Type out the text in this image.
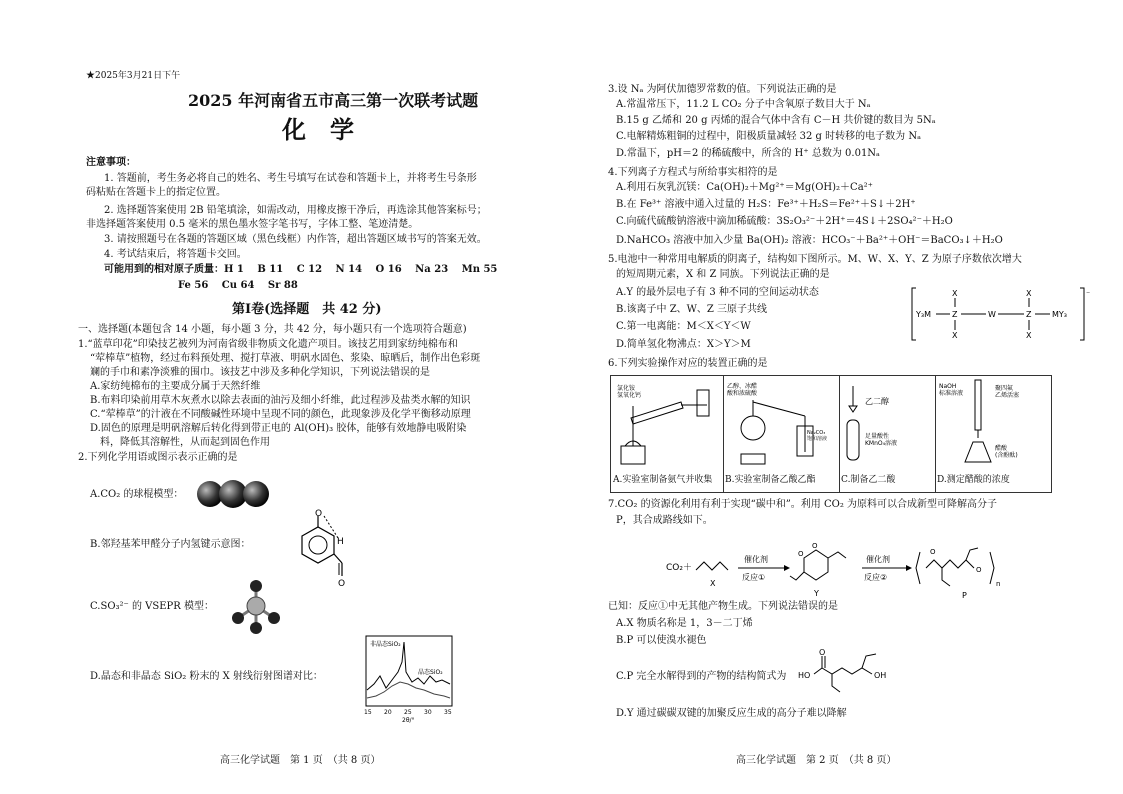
★2025年3月21日下午
2025 年河南省五市高三第一次联考试题
化　学
注意事项：
1. 答题前，考生务必将自己的姓名、考生号填写在试卷和答题卡上，并将考生号条形
码粘贴在答题卡上的指定位置。
2. 选择题答案使用 2B 铅笔填涂，如需改动，用橡皮擦干净后，再选涂其他答案标号；
非选择题答案使用 0.5 毫米的黑色墨水签字笔书写，字体工整、笔迹清楚。
3. 请按照题号在各题的答题区域（黑色线框）内作答，超出答题区域书写的答案无效。
4. 考试结束后，将答题卡交回。
可能用到的相对原子质量：H 1　 B 11　 C 12　 N 14　 O 16　 Na 23　 Mn 55
Fe 56　 Cu 64　 Sr 88
第Ⅰ卷(选择题　共 42 分)
一、选择题(本题包含 14 小题，每小题 3 分，共 42 分，每小题只有一个选项符合题意)
1.“蓝草印花”印染技艺被列为河南省级非物质文化遗产项目。该技艺用到家纺纯棉布和
“荤棒草”植物，经过布料预处理、搅打草液、明矾水固色、浆染、晾晒后，制作出色彩斑
斓的手巾和素净淡雅的围巾。该技艺中涉及多种化学知识，下列说法错误的是
A.家纺纯棉布的主要成分属于天然纤维
B.布料印染前用草木灰煮水以除去表面的油污及细小纤维，此过程涉及盐类水解的知识
C.“荤棒草”的汁液在不同酸碱性环境中呈现不同的颜色，此现象涉及化学平衡移动原理
D.固色的原理是明矾溶解后转化得到带正电的 Al(OH)₃ 胶体，能够有效地静电吸附染
　料，降低其溶解性，从而起到固色作用
2.下列化学用语或图示表示正确的是
A.CO₂ 的球棍模型：
B.邻羟基苯甲醛分子内氢键示意图：
O
H
O
C.SO₃²⁻ 的 VSEPR 模型：
D.晶态和非晶态 SiO₂ 粉末的 X 射线衍射图谱对比：
非晶态SiO₂
晶态SiO₂
15 20 25 30 35
2θ/°
高三化学试题　第 1 页　（共 8 页）
3.设 Nₐ 为阿伏加德罗常数的值。下列说法正确的是
A.常温常压下，11.2 L CO₂ 分子中含氧原子数目大于 Nₐ
B.15 g 乙烯和 20 g 丙烯的混合气体中含有 C－H 共价键的数目为 5Nₐ
C.电解精炼粗铜的过程中，阳极质量减轻 32 g 时转移的电子数为 Nₐ
D.常温下，pH＝2 的稀硫酸中，所含的 H⁺ 总数为 0.01Nₐ
4.下列离子方程式与所给事实相符的是
A.利用石灰乳沉镁：Ca(OH)₂＋Mg²⁺＝Mg(OH)₂＋Ca²⁺
B.在 Fe³⁺ 溶液中通入过量的 H₂S：Fe³⁺＋H₂S＝Fe²⁺＋S↓＋2H⁺
C.向硫代硫酸钠溶液中滴加稀硫酸：3S₂O₃²⁻＋2H⁺＝4S↓＋2SO₄²⁻＋H₂O
D.NaHCO₃ 溶液中加入少量 Ba(OH)₂ 溶液：HCO₃⁻＋Ba²⁺＋OH⁻＝BaCO₃↓＋H₂O
5.电池中一种常用电解质的阴离子，结构如下图所示。M、W、X、Y、Z 为原子序数依次增大
的短周期元素，X 和 Z 同族。下列说法正确的是
A.Y 的最外层电子有 3 种不同的空间运动状态
B.该离子中 Z、W、Z 三原子共线
C.第一电离能：M＜X＜Y＜W
D.简单氢化物沸点：X＞Y＞M
⁻
Y₃M	Z	W	Z	MY₃
X
X
X
X
6.下列实验操作对应的装置正确的是
氯化铵氢氧化钙
A.实验室制备氨气并收集
乙醇、冰醋酸和浓硫酸
Na₂CO₃ 饱和溶液
B.实验室制备乙酸乙酯
乙二醇
足量酸性 KMnO₄溶液
C.制备乙二酸
NaOH 标准溶液
聚四氟乙烯活塞
醋酸(含酚酞)
D.测定醋酸的浓度
7.CO₂ 的资源化利用有利于实现“碳中和”。利用 CO₂ 为原料可以合成新型可降解高分子
P，其合成路线如下。
CO₂＋
X
催化剂
反应①
O
O
Y
催化剂
反应②
O
O
n
P
已知：反应①中无其他产物生成。下列说法错误的是
A.X 物质名称是 1，3－二丁烯
B.P 可以使溴水褪色
C.P 完全水解得到的产物的结构简式为 HO
O
OH
D.Y 通过碳碳双键的加聚反应生成的高分子难以降解
高三化学试题　第 2 页　（共 8 页）
